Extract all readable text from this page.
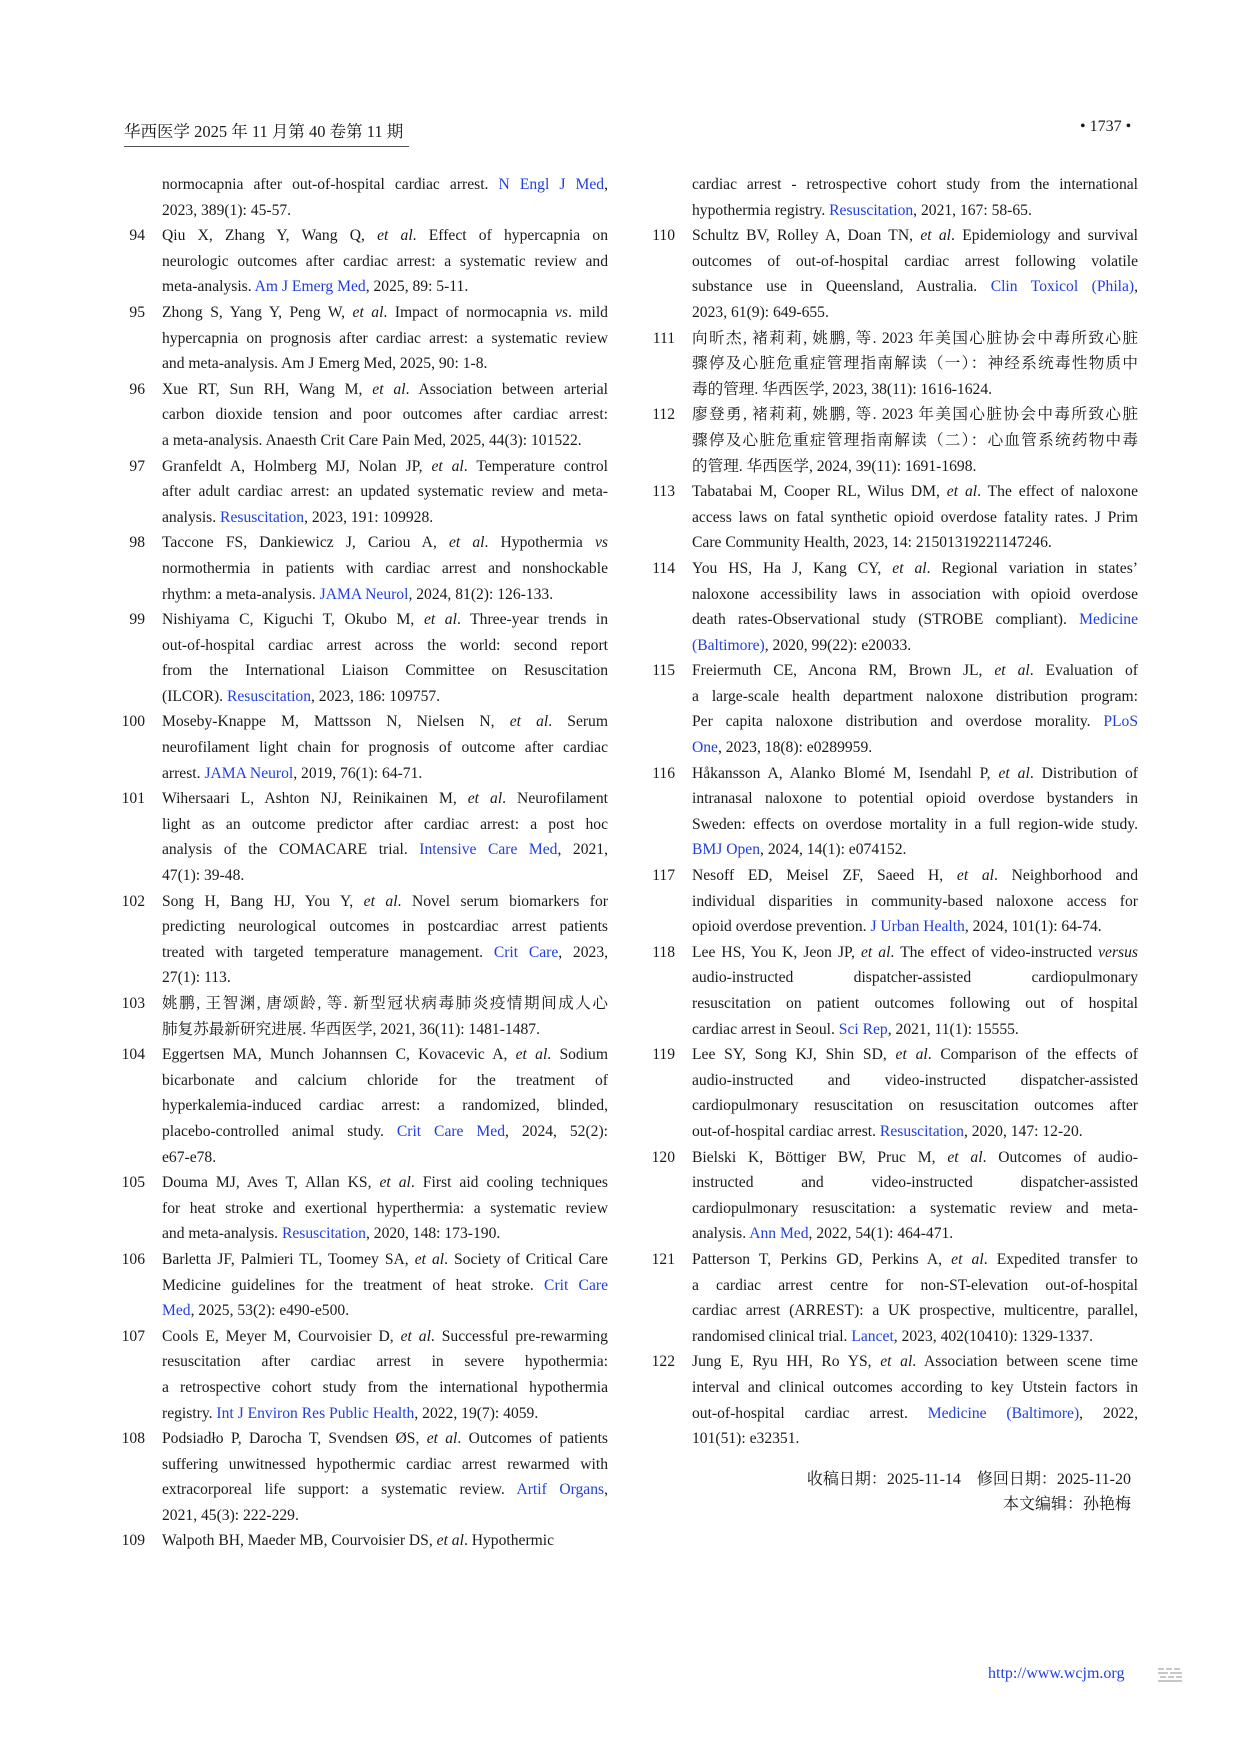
华西医学 2025 年 11 月第 40 卷第 11 期	• 1737 •
normocapnia after out-of-hospital cardiac arrest. N Engl J Med,
2023, 389(1): 45-57.
94 Qiu X, Zhang Y, Wang Q, et al. Effect of hypercapnia on
neurologic outcomes after cardiac arrest: a systematic review and
meta-analysis. Am J Emerg Med, 2025, 89: 5-11.
95 Zhong S, Yang Y, Peng W, et al. Impact of normocapnia vs. mild
hypercapnia on prognosis after cardiac arrest: a systematic review
and meta-analysis. Am J Emerg Med, 2025, 90: 1-8.
96 Xue RT, Sun RH, Wang M, et al. Association between arterial
carbon dioxide tension and poor outcomes after cardiac arrest:
a meta-analysis. Anaesth Crit Care Pain Med, 2025, 44(3): 101522.
97 Granfeldt A, Holmberg MJ, Nolan JP, et al. Temperature control
after adult cardiac arrest: an updated systematic review and meta-
analysis. Resuscitation, 2023, 191: 109928.
98 Taccone FS, Dankiewicz J, Cariou A, et al. Hypothermia vs
normothermia in patients with cardiac arrest and nonshockable
rhythm: a meta-analysis. JAMA Neurol, 2024, 81(2): 126-133.
99 Nishiyama C, Kiguchi T, Okubo M, et al. Three-year trends in
out-of-hospital cardiac arrest across the world: second report
from the International Liaison Committee on Resuscitation
(ILCOR). Resuscitation, 2023, 186: 109757.
100 Moseby-Knappe M, Mattsson N, Nielsen N, et al. Serum
neurofilament light chain for prognosis of outcome after cardiac
arrest. JAMA Neurol, 2019, 76(1): 64-71.
101 Wihersaari L, Ashton NJ, Reinikainen M, et al. Neurofilament
light as an outcome predictor after cardiac arrest: a post hoc
analysis of the COMACARE trial. Intensive Care Med, 2021,
47(1): 39-48.
102 Song H, Bang HJ, You Y, et al. Novel serum biomarkers for
predicting neurological outcomes in postcardiac arrest patients
treated with targeted temperature management. Crit Care, 2023,
27(1): 113.
103 姚鹏, 王智渊, 唐颂龄, 等. 新型冠状病毒肺炎疫情期间成人心
肺复苏最新研究进展. 华西医学, 2021, 36(11): 1481-1487.
104 Eggertsen MA, Munch Johannsen C, Kovacevic A, et al. Sodium
bicarbonate and calcium chloride for the treatment of
hyperkalemia-induced cardiac arrest: a randomized, blinded,
placebo-controlled animal study. Crit Care Med, 2024, 52(2):
e67-e78.
105 Douma MJ, Aves T, Allan KS, et al. First aid cooling techniques
for heat stroke and exertional hyperthermia: a systematic review
and meta-analysis. Resuscitation, 2020, 148: 173-190.
106 Barletta JF, Palmieri TL, Toomey SA, et al. Society of Critical Care
Medicine guidelines for the treatment of heat stroke. Crit Care
Med, 2025, 53(2): e490-e500.
107 Cools E, Meyer M, Courvoisier D, et al. Successful pre-rewarming
resuscitation after cardiac arrest in severe hypothermia:
a retrospective cohort study from the international hypothermia
registry. Int J Environ Res Public Health, 2022, 19(7): 4059.
108 Podsiadło P, Darocha T, Svendsen ØS, et al. Outcomes of patients
suffering unwitnessed hypothermic cardiac arrest rewarmed with
extracorporeal life support: a systematic review. Artif Organs,
2021, 45(3): 222-229.
109 Walpoth BH, Maeder MB, Courvoisier DS, et al. Hypothermic
cardiac arrest - retrospective cohort study from the international
hypothermia registry. Resuscitation, 2021, 167: 58-65.
110 Schultz BV, Rolley A, Doan TN, et al. Epidemiology and survival
outcomes of out-of-hospital cardiac arrest following volatile
substance use in Queensland, Australia. Clin Toxicol (Phila),
2023, 61(9): 649-655.
111 向昕杰, 褚莉莉, 姚鹏, 等. 2023 年美国心脏协会中毒所致心脏
骤停及心脏危重症管理指南解读（一）：神经系统毒性物质中
毒的管理. 华西医学, 2023, 38(11): 1616-1624.
112 廖登勇, 褚莉莉, 姚鹏, 等. 2023 年美国心脏协会中毒所致心脏
骤停及心脏危重症管理指南解读（二）：心血管系统药物中毒
的管理. 华西医学, 2024, 39(11): 1691-1698.
113 Tabatabai M, Cooper RL, Wilus DM, et al. The effect of naloxone
access laws on fatal synthetic opioid overdose fatality rates. J Prim
Care Community Health, 2023, 14: 21501319221147246.
114 You HS, Ha J, Kang CY, et al. Regional variation in states’
naloxone accessibility laws in association with opioid overdose
death rates-Observational study (STROBE compliant). Medicine
(Baltimore), 2020, 99(22): e20033.
115 Freiermuth CE, Ancona RM, Brown JL, et al. Evaluation of
a large-scale health department naloxone distribution program:
Per capita naloxone distribution and overdose morality. PLoS
One, 2023, 18(8): e0289959.
116 Håkansson A, Alanko Blomé M, Isendahl P, et al. Distribution of
intranasal naloxone to potential opioid overdose bystanders in
Sweden: effects on overdose mortality in a full region-wide study.
BMJ Open, 2024, 14(1): e074152.
117 Nesoff ED, Meisel ZF, Saeed H, et al. Neighborhood and
individual disparities in community-based naloxone access for
opioid overdose prevention. J Urban Health, 2024, 101(1): 64-74.
118 Lee HS, You K, Jeon JP, et al. The effect of video-instructed versus
audio-instructed dispatcher-assisted cardiopulmonary
resuscitation on patient outcomes following out of hospital
cardiac arrest in Seoul. Sci Rep, 2021, 11(1): 15555.
119 Lee SY, Song KJ, Shin SD, et al. Comparison of the effects of
audio-instructed and video-instructed dispatcher-assisted
cardiopulmonary resuscitation on resuscitation outcomes after
out-of-hospital cardiac arrest. Resuscitation, 2020, 147: 12-20.
120 Bielski K, Böttiger BW, Pruc M, et al. Outcomes of audio-
instructed and video-instructed dispatcher-assisted
cardiopulmonary resuscitation: a systematic review and meta-
analysis. Ann Med, 2022, 54(1): 464-471.
121 Patterson T, Perkins GD, Perkins A, et al. Expedited transfer to
a cardiac arrest centre for non-ST-elevation out-of-hospital
cardiac arrest (ARREST): a UK prospective, multicentre, parallel,
randomised clinical trial. Lancet, 2023, 402(10410): 1329-1337.
122 Jung E, Ryu HH, Ro YS, et al. Association between scene time
interval and clinical outcomes according to key Utstein factors in
out-of-hospital cardiac arrest. Medicine (Baltimore), 2022,
101(51): e32351.
收稿日期：2025-11-14　修回日期：2025-11-20
本文编辑：孙艳梅
http://www.wcjm.org
